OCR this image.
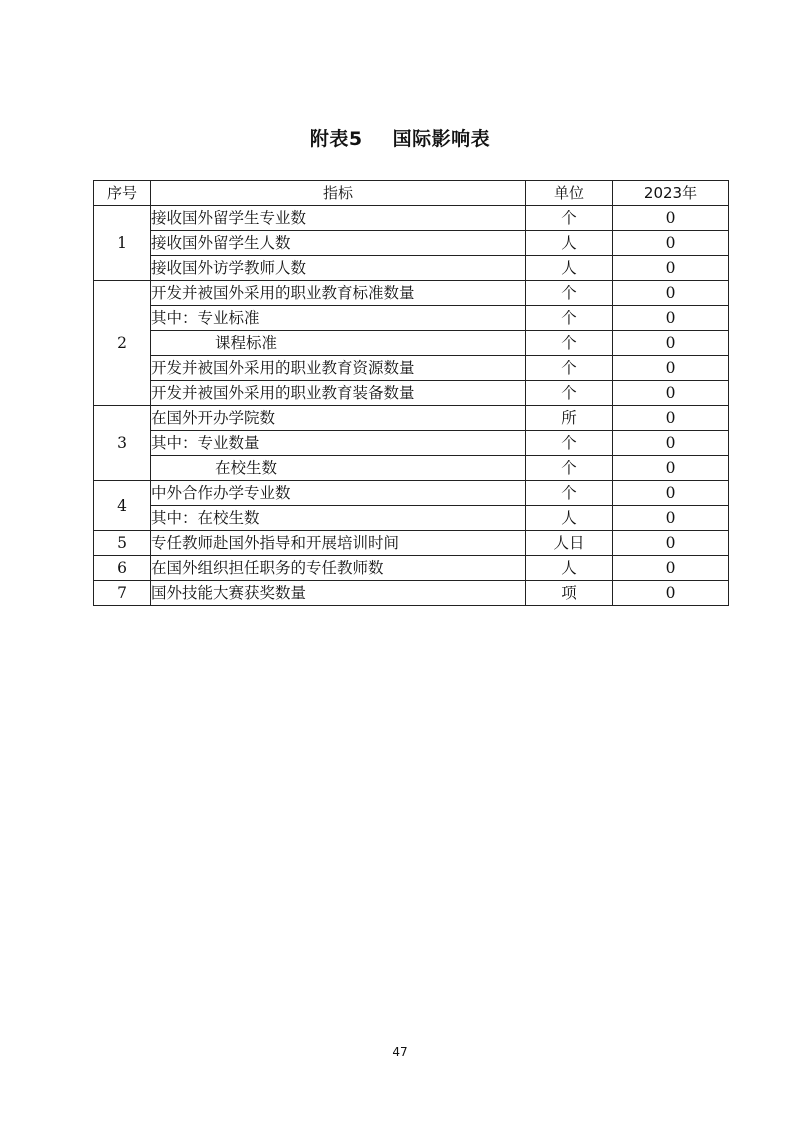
附表5 国际影响表
序号	指标	单位	2023年
1	接收国外留学生专业数	个	0
	接收国外留学生人数	人	0
	接收国外访学教师人数	人	0
2	开发并被国外采用的职业教育标准数量	个	0
	其中：专业标准	个	0
	课程标准	个	0
	开发并被国外采用的职业教育资源数量	个	0
	开发并被国外采用的职业教育装备数量	个	0
3	在国外开办学院数	所	0
	其中：专业数量	个	0
	在校生数	个	0
4	中外合作办学专业数	个	0
	其中：在校生数	人	0
5	专任教师赴国外指导和开展培训时间	人日	0
6	在国外组织担任职务的专任教师数	人	0
7	国外技能大赛获奖数量	项	0
47
